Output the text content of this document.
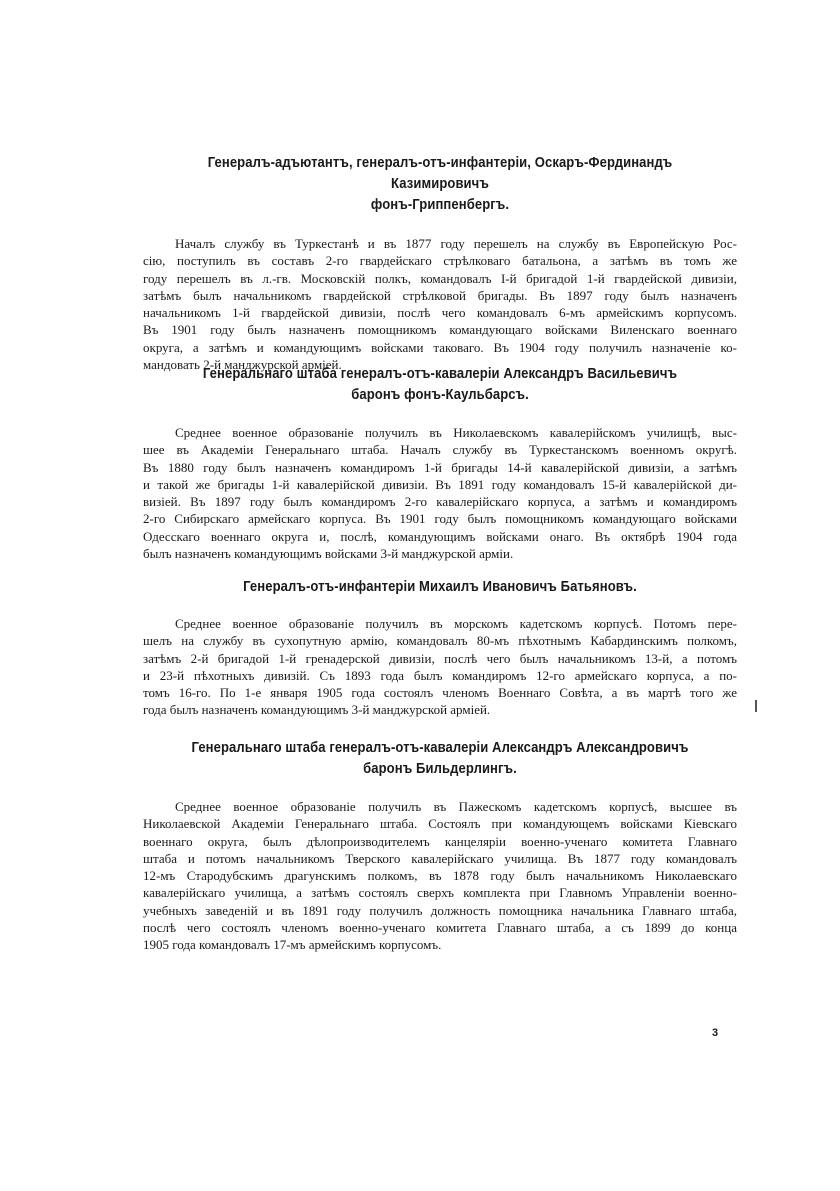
Генералъ-адъютантъ, генералъ-отъ-инфантеріи, Оскаръ-Фердинандъ Казимировичъ
фонъ-Гриппенбергъ.
Началъ службу въ Туркестанѣ и въ 1877 году перешелъ на службу въ Европейскую Рос-
сію, поступилъ въ составъ 2-го гвардейскаго стрѣлковаго батальона, а затѣмъ въ томъ же
году перешелъ въ л.-гв. Московскій полкъ, командовалъ І-й бригадой 1-й гвардейской дивизіи,
затѣмъ былъ начальникомъ гвардейской стрѣлковой бригады. Въ 1897 году былъ назначенъ
начальникомъ 1-й гвардейской дивизіи, послѣ чего командовалъ 6-мъ армейскимъ корпусомъ.
Въ 1901 году былъ назначенъ помощникомъ командующаго войсками Виленскаго военнаго
округа, а затѣмъ и командующимъ войсками таковаго. Въ 1904 году получилъ назначеніе ко-
мандовать 2-й манджурской арміей.
Генеральнаго штаба генералъ-отъ-кавалеріи Александръ Васильевичъ
баронъ фонъ-Каульбарсъ.
Среднее военное образованіе получилъ въ Николаевскомъ кавалерійскомъ училищѣ, выс-
шее въ Академіи Генеральнаго штаба. Началъ службу въ Туркестанскомъ военномъ округѣ.
Въ 1880 году былъ назначенъ командиромъ 1-й бригады 14-й кавалерійской дивизіи, а затѣмъ
и такой же бригады 1-й кавалерійской дивизіи. Въ 1891 году командовалъ 15-й кавалерійской ди-
визіей. Въ 1897 году былъ командиромъ 2-го кавалерійскаго корпуса, а затѣмъ и командиромъ
2-го Сибирскаго армейскаго корпуса. Въ 1901 году былъ помощникомъ командующаго войсками
Одесскаго военнаго округа и, послѣ, командующимъ войсками онаго. Въ октябрѣ 1904 года
былъ назначенъ командующимъ войсками 3-й манджурской арміи.
Генералъ-отъ-инфантеріи Михаилъ Ивановичъ Батьяновъ.
Среднее военное образованіе получилъ въ морскомъ кадетскомъ корпусѣ. Потомъ пере-
шелъ на службу въ сухопутную армію, командовалъ 80-мъ пѣхотнымъ Кабардинскимъ полкомъ,
затѣмъ 2-й бригадой 1-й гренадерской дивизіи, послѣ чего былъ начальникомъ 13-й, а потомъ
и 23-й пѣхотныхъ дивизій. Съ 1893 года былъ командиромъ 12-го армейскаго корпуса, а по-
томъ 16-го. По 1-е января 1905 года состоялъ членомъ Военнаго Совѣта, а въ мартѣ того же
года былъ назначенъ командующимъ 3-й манджурской арміей.
Генеральнаго штаба генералъ-отъ-кавалеріи Александръ Александровичъ
баронъ Бильдерлингъ.
Среднее военное образованіе получилъ въ Пажескомъ кадетскомъ корпусѣ, высшее въ
Николаевской Академіи Генеральнаго штаба. Состоялъ при командующемъ войсками Кіевскаго
военнаго округа, былъ дѣлопроизводителемъ канцеляріи военно-ученаго комитета Главнаго
штаба и потомъ начальникомъ Тверского кавалерійскаго училища. Въ 1877 году командовалъ
12-мъ Стародубскимъ драгунскимъ полкомъ, въ 1878 году былъ начальникомъ Николаевскаго
кавалерійскаго училища, а затѣмъ состоялъ сверхъ комплекта при Главномъ Управленіи военно-
учебныхъ заведеній и въ 1891 году получилъ должность помощника начальника Главнаго штаба,
послѣ чего состоялъ членомъ военно-ученаго комитета Главнаго штаба, а съ 1899 до конца
1905 года командовалъ 17-мъ армейскимъ корпусомъ.
3
